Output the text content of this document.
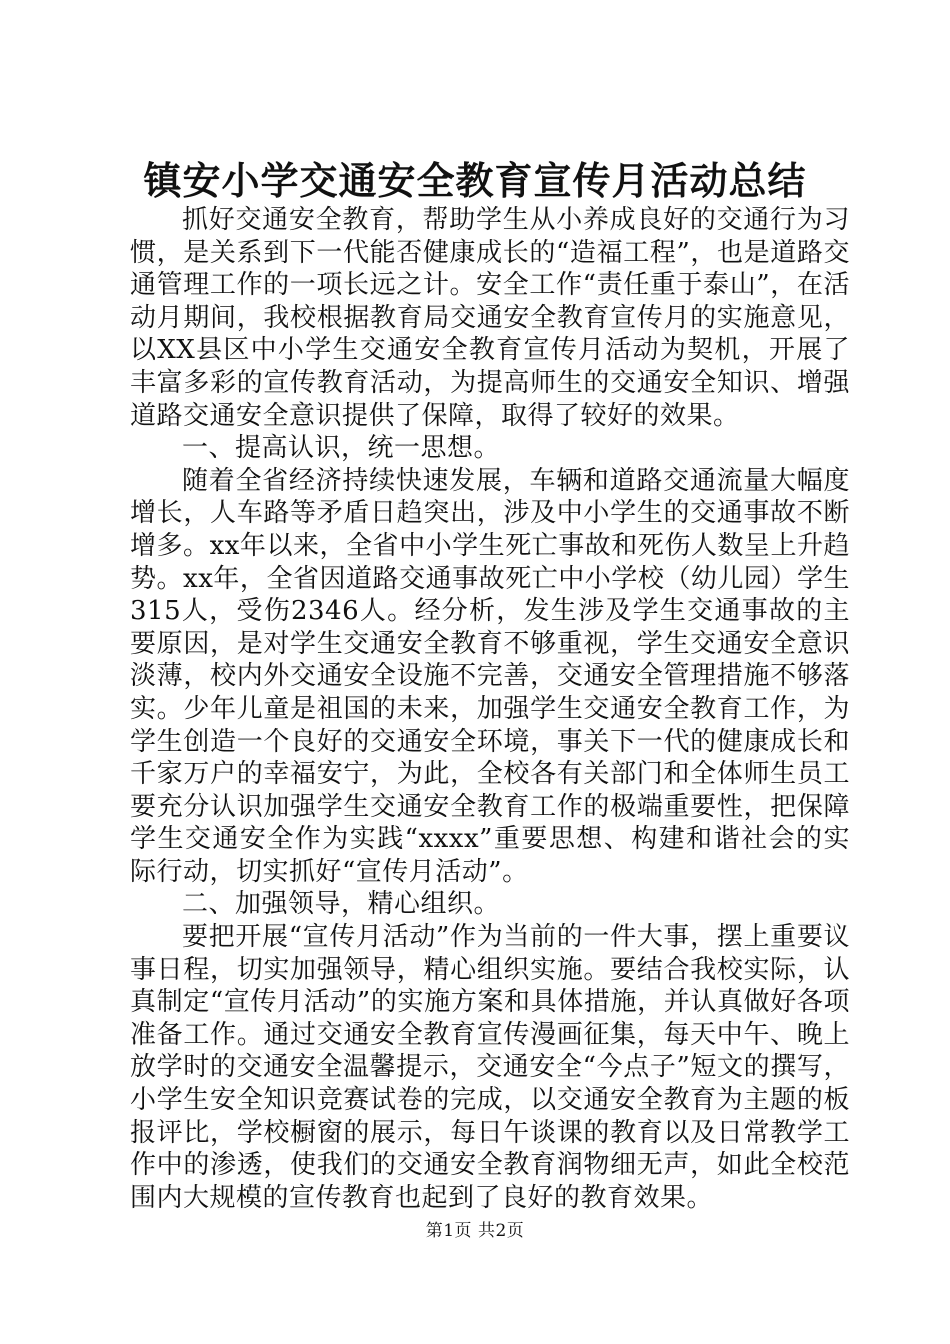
镇安小学交通安全教育宣传月活动总结

抓好交通安全教育，帮助学生从小养成良好的交通行为习惯，是关系到下一代能否健康成长的“造福工程”，也是道路交通管理工作的一项长远之计。安全工作“责任重于泰山”，在活动月期间，我校根据教育局交通安全教育宣传月的实施意见，以XX县区中小学生交通安全教育宣传月活动为契机，开展了丰富多彩的宣传教育活动，为提高师生的交通安全知识、增强道路交通安全意识提供了保障，取得了较好的效果。

一、提高认识，统一思想。

随着全省经济持续快速发展，车辆和道路交通流量大幅度增长，人车路等矛盾日趋突出，涉及中小学生的交通事故不断增多。xx年以来，全省中小学生死亡事故和死伤人数呈上升趋势。xx年，全省因道路交通事故死亡中小学校（幼儿园）学生315人，受伤2346人。经分析，发生涉及学生交通事故的主要原因，是对学生交通安全教育不够重视，学生交通安全意识淡薄，校内外交通安全设施不完善，交通安全管理措施不够落实。少年儿童是祖国的未来，加强学生交通安全教育工作，为学生创造一个良好的交通安全环境，事关下一代的健康成长和千家万户的幸福安宁，为此，全校各有关部门和全体师生员工要充分认识加强学生交通安全教育工作的极端重要性，把保障学生交通安全作为实践“xxxx”重要思想、构建和谐社会的实际行动，切实抓好“宣传月活动”。

二、加强领导，精心组织。

要把开展“宣传月活动”作为当前的一件大事，摆上重要议事日程，切实加强领导，精心组织实施。要结合我校实际，认真制定“宣传月活动”的实施方案和具体措施，并认真做好各项准备工作。通过交通安全教育宣传漫画征集，每天中午、晚上放学时的交通安全温馨提示，交通安全“今点子”短文的撰写，小学生安全知识竞赛试卷的完成，以交通安全教育为主题的板报评比，学校橱窗的展示，每日午谈课的教育以及日常教学工作中的渗透，使我们的交通安全教育润物细无声，如此全校范围内大规模的宣传教育也起到了良好的教育效果。

第1页 共2页
